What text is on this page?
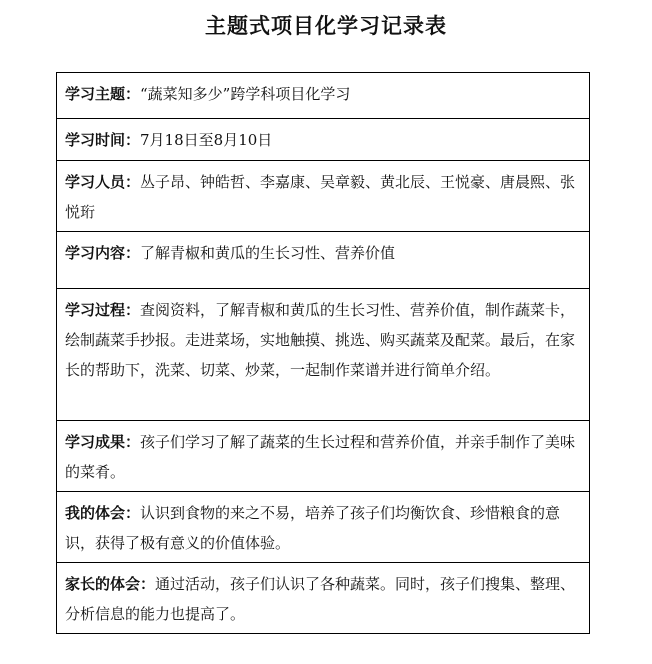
主题式项目化学习记录表
学习主题：“蔬菜知多少”跨学科项目化学习
学习时间：7月18日至8月10日
学习人员：丛子昂、钟皓哲、李嘉康、吴章毅、黄北辰、王悦豪、唐晨熙、张悦珩
学习内容：了解青椒和黄瓜的生长习性、营养价值
学习过程：查阅资料，了解青椒和黄瓜的生长习性、营养价值，制作蔬菜卡，绘制蔬菜手抄报。走进菜场，实地触摸、挑选、购买蔬菜及配菜。最后，在家长的帮助下，洗菜、切菜、炒菜，一起制作菜谱并进行简单介绍。
学习成果：孩子们学习了解了蔬菜的生长过程和营养价值，并亲手制作了美味的菜肴。
我的体会：认识到食物的来之不易，培养了孩子们均衡饮食、珍惜粮食的意识，获得了极有意义的价值体验。
家长的体会：通过活动，孩子们认识了各种蔬菜。同时，孩子们搜集、整理、分析信息的能力也提高了。
